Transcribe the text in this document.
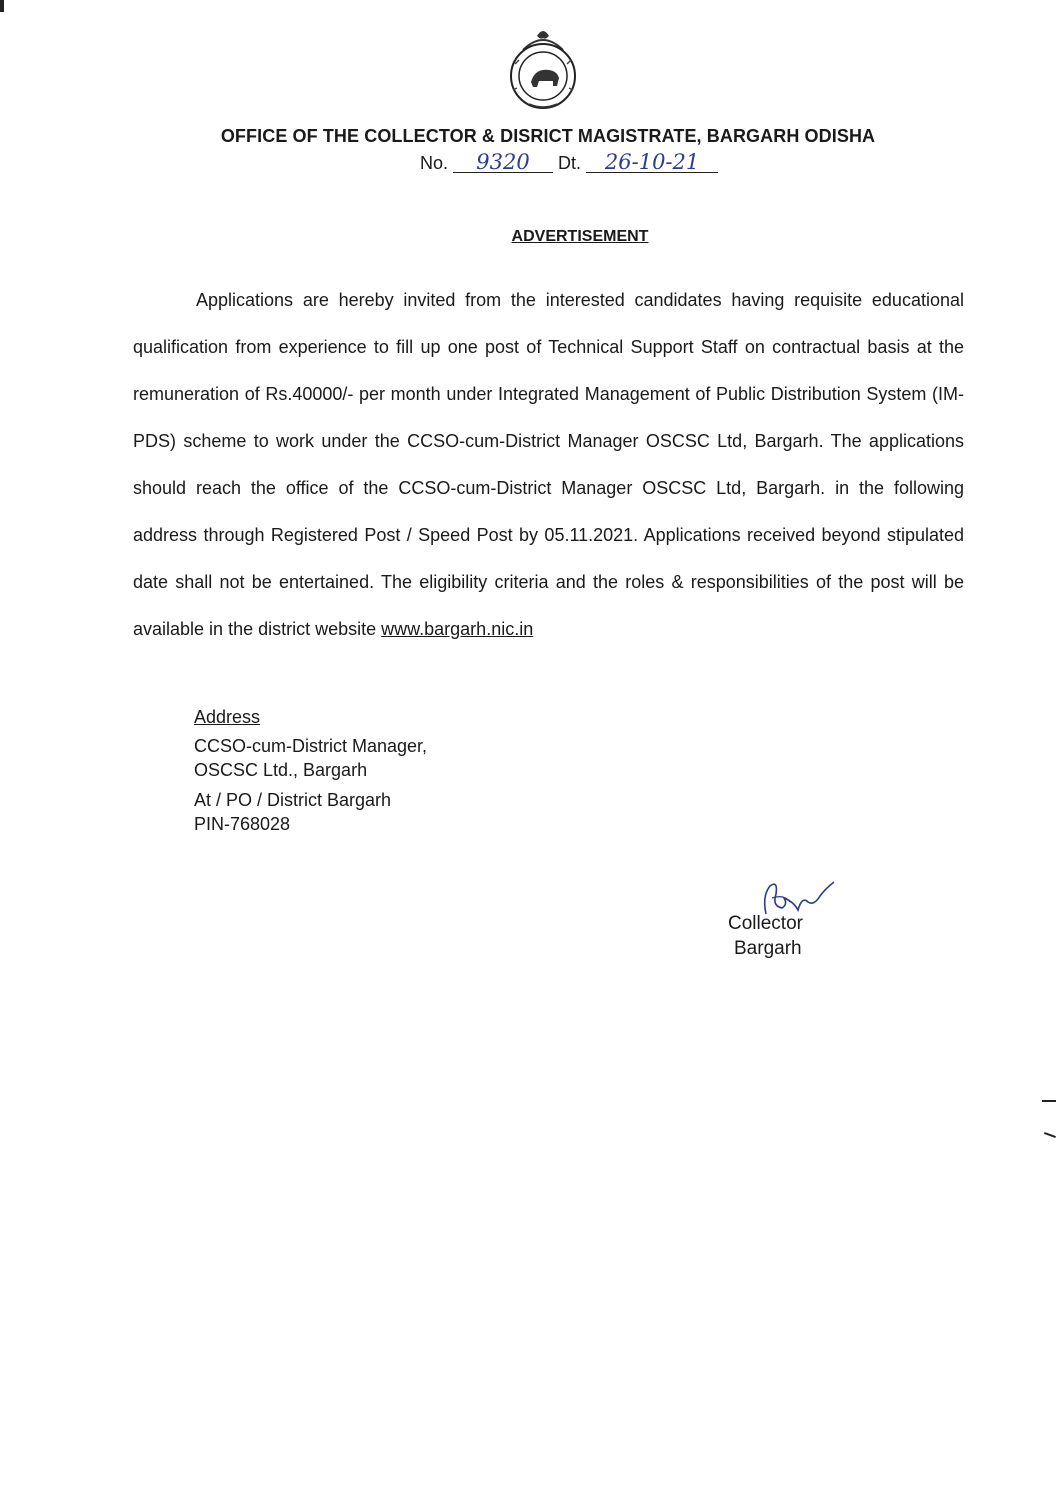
OFFICE OF THE COLLECTOR & DISRICT MAGISTRATE, BARGARH ODISHA
No. 9320 Dt. 26-10-21
ADVERTISEMENT

Applications are hereby invited from the interested candidates having requisite educational qualification from experience to fill up one post of Technical Support Staff on contractual basis at the remuneration of Rs.40000/- per month under Integrated Management of Public Distribution System (IM-PDS) scheme to work under the CCSO-cum-District Manager OSCSC Ltd, Bargarh. The applications should reach the office of the CCSO-cum-District Manager OSCSC Ltd, Bargarh. in the following address through Registered Post / Speed Post by 05.11.2021. Applications received beyond stipulated date shall not be entertained. The eligibility criteria and the roles & responsibilities of the post will be available in the district website www.bargarh.nic.in

Address
CCSO-cum-District Manager,
OSCSC Ltd., Bargarh
At / PO / District Bargarh
PIN-768028
Collector
Bargarh
